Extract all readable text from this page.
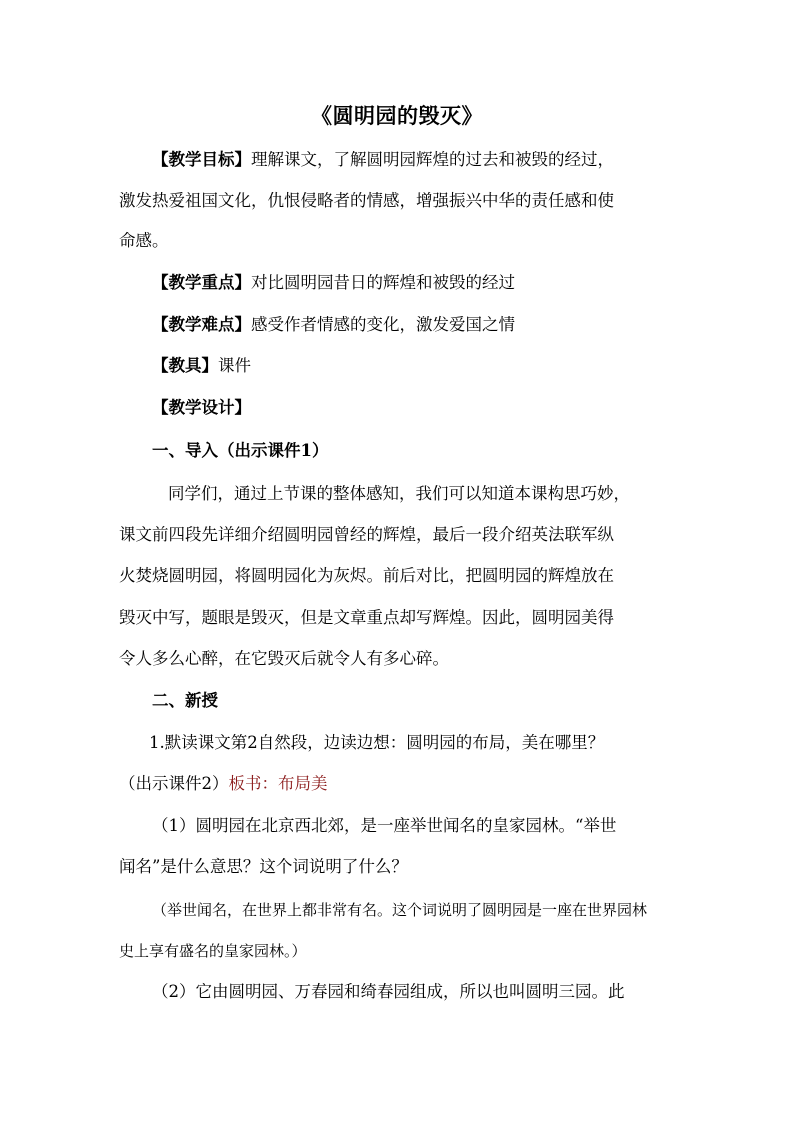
《圆明园的毁灭》
【教学目标】理解课文，了解圆明园辉煌的过去和被毁的经过，
激发热爱祖国文化，仇恨侵略者的情感，增强振兴中华的责任感和使
命感。
【教学重点】对比圆明园昔日的辉煌和被毁的经过
【教学难点】感受作者情感的变化，激发爱国之情
【教具】课件
【教学设计】
一、导入（出示课件1）
同学们，通过上节课的整体感知，我们可以知道本课构思巧妙，
课文前四段先详细介绍圆明园曾经的辉煌，最后一段介绍英法联军纵
火焚烧圆明园，将圆明园化为灰烬。前后对比，把圆明园的辉煌放在
毁灭中写，题眼是毁灭，但是文章重点却写辉煌。因此，圆明园美得
令人多么心醉，在它毁灭后就令人有多心碎。
二、新授
1.默读课文第2自然段，边读边想：圆明园的布局，美在哪里？
（出示课件2）板书：布局美
（1）圆明园在北京西北郊，是一座举世闻名的皇家园林。“举世
闻名”是什么意思？这个词说明了什么？
（举世闻名，在世界上都非常有名。这个词说明了圆明园是一座在世界园林
史上享有盛名的皇家园林。）
（2）它由圆明园、万春园和绮春园组成，所以也叫圆明三园。此
